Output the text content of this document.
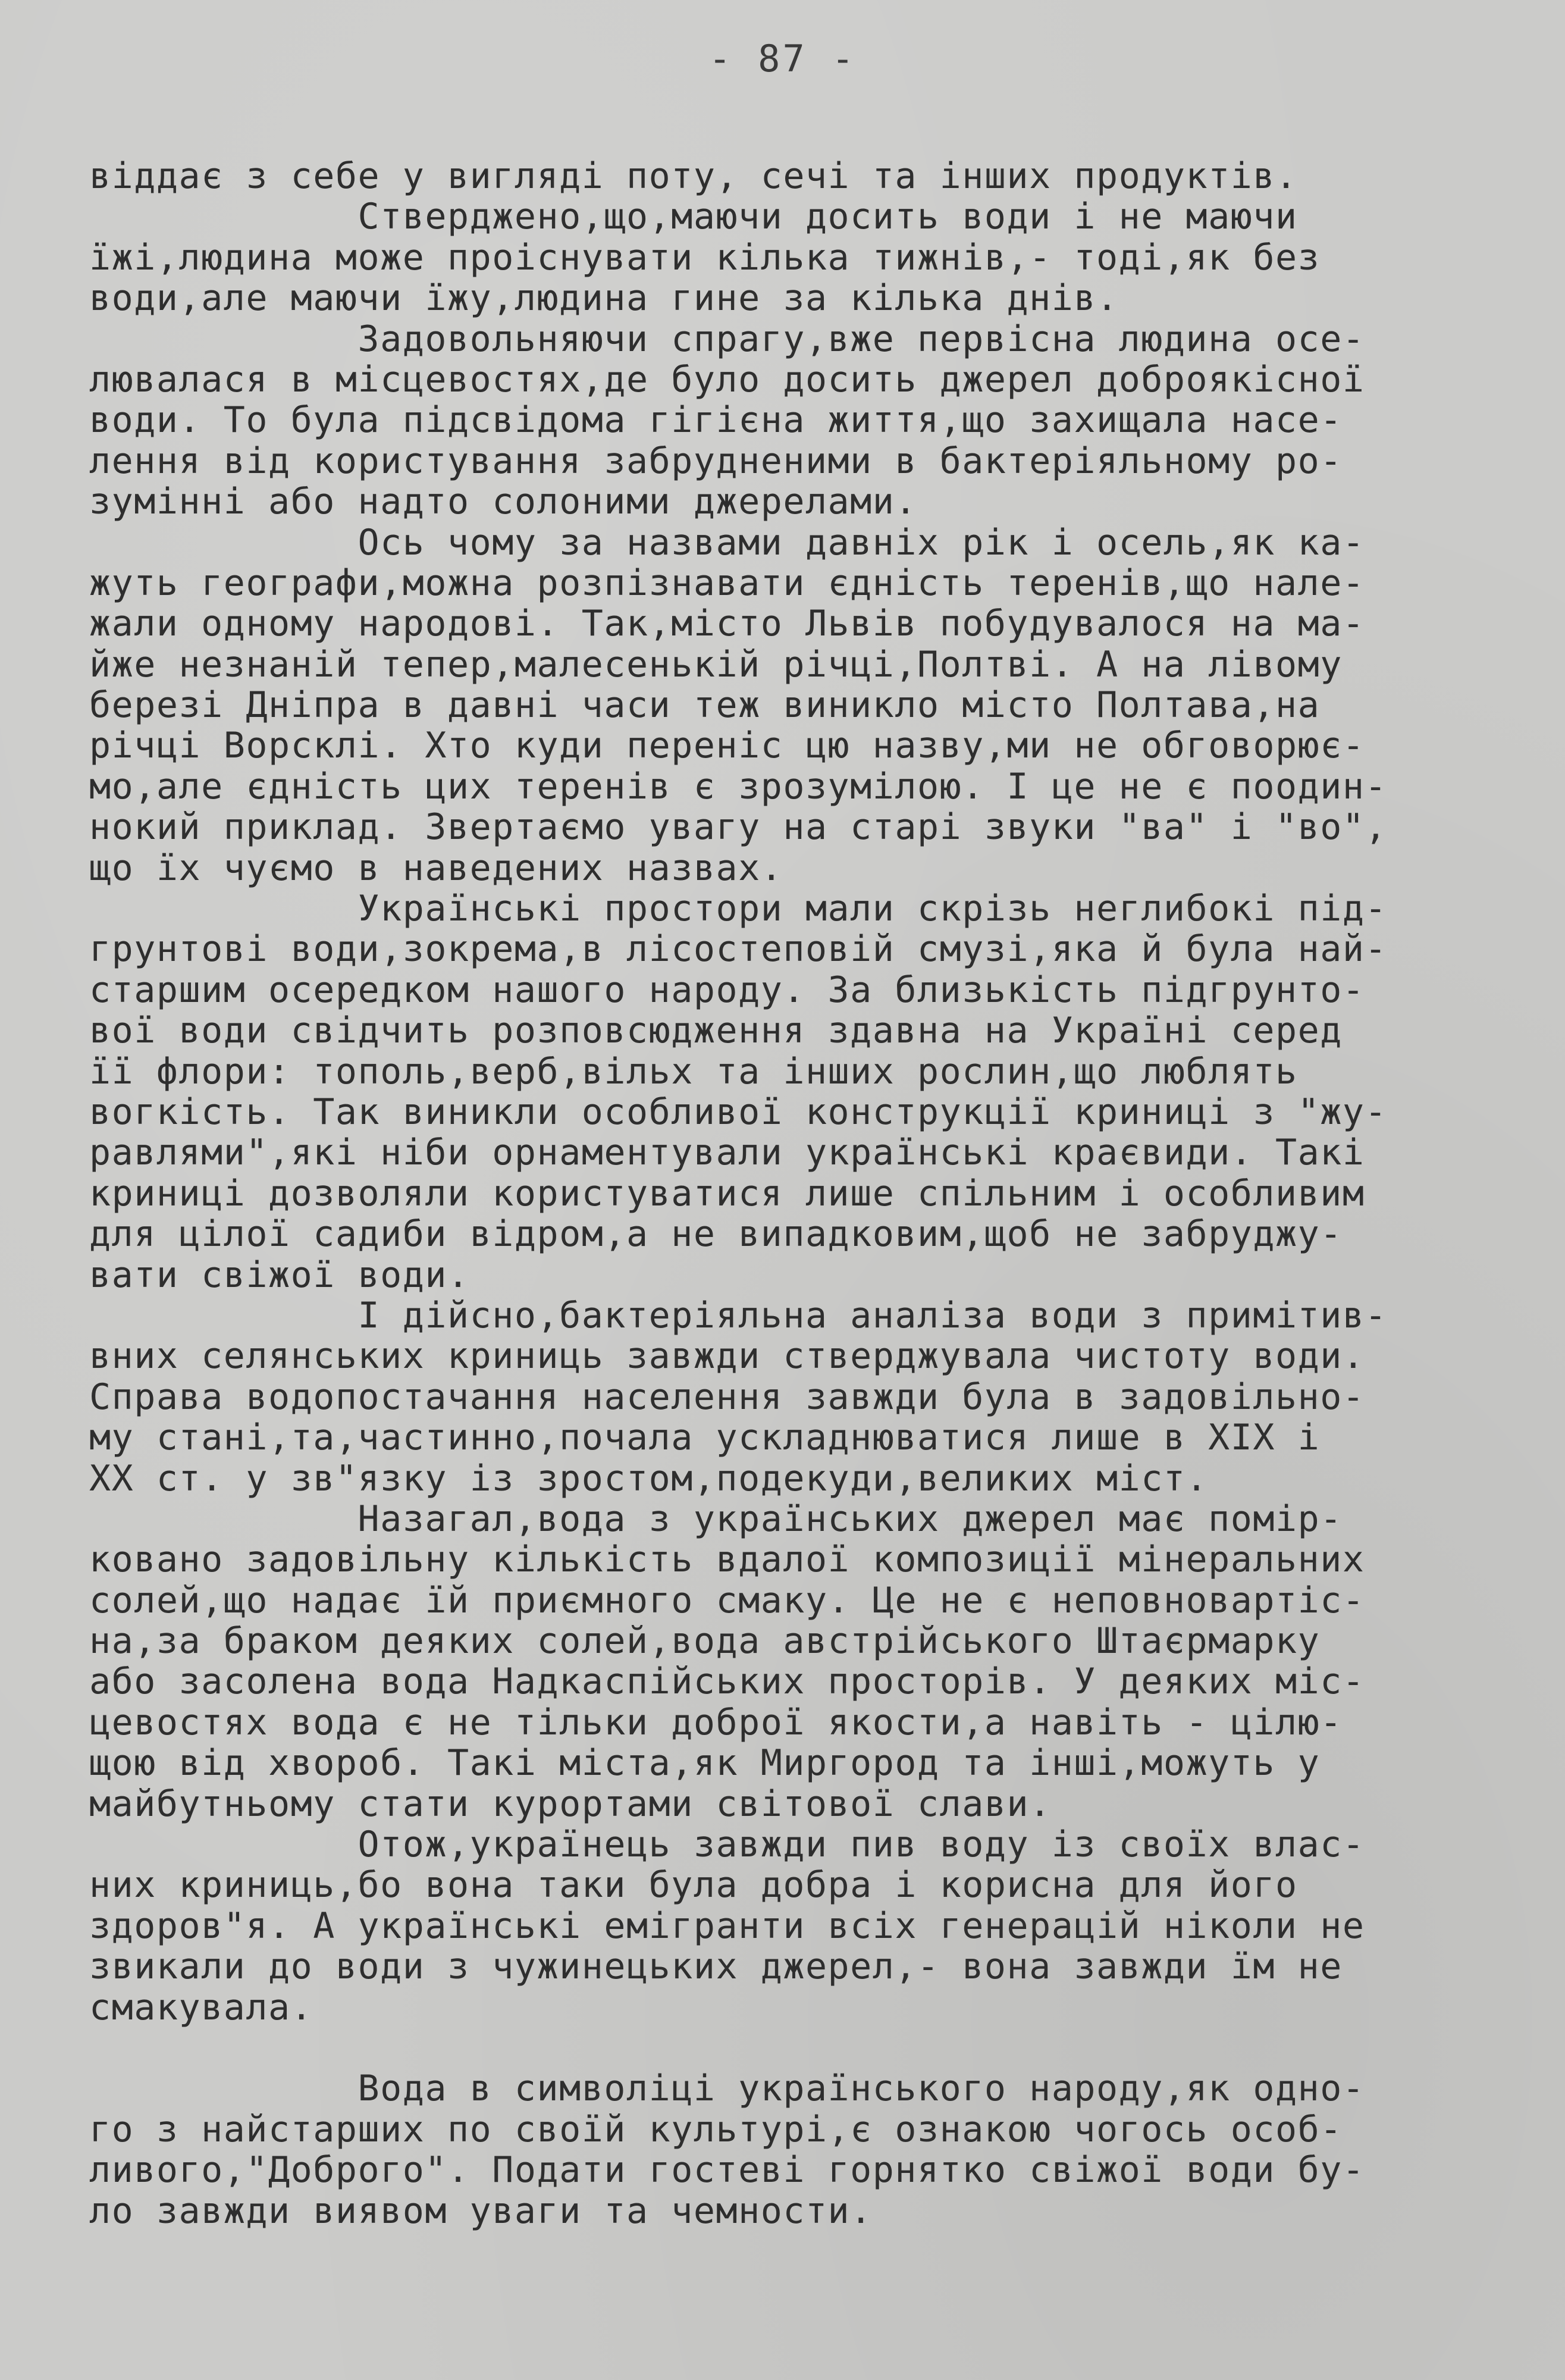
- 87 -
віддає з себе у вигляді поту, сечі та інших продуктів.
Стверджено,що,маючи досить води і не маючи
їжі,людина може проіснувати кілька тижнів,- тоді,як без
води,але маючи їжу,людина гине за кілька днів.
Задовольняючи спрагу,вже первісна людина осе-
лювалася в місцевостях,де було досить джерел доброякісної
води. То була підсвідома гігієна життя,що захищала насе-
лення від користування забрудненими в бактеріяльному ро-
зумінні або надто солоними джерелами.
Ось чому за назвами давніх рік і осель,як ка-
жуть географи,можна розпізнавати єдність теренів,що нале-
жали одному народові. Так,місто Львів побудувалося на ма-
йже незнаній тепер,малесенькій річці,Полтві. А на лівому
березі Дніпра в давні часи теж виникло місто Полтава,на
річці Ворсклі. Хто куди переніс цю назву,ми не обговорює-
мо,але єдність цих теренів є зрозумілою. І це не є поодин-
нокий приклад. Звертаємо увагу на старі звуки "ва" і "во",
що їх чуємо в наведених назвах.
Українські простори мали скрізь неглибокі під-
грунтові води,зокрема,в лісостеповій смузі,яка й була най-
старшим осередком нашого народу. За близькість підгрунто-
вої води свідчить розповсюдження здавна на Україні серед
її флори: тополь,верб,вільх та інших рослин,що люблять
вогкість. Так виникли особливої конструкції криниці з "жу-
равлями",які ніби орнаментували українські краєвиди. Такі
криниці дозволяли користуватися лише спільним і особливим
для цілої садиби відром,а не випадковим,щоб не забруджу-
вати свіжої води.
І дійсно,бактеріяльна аналіза води з примітив-
вних селянських криниць завжди стверджувала чистоту води.
Справа водопостачання населення завжди була в задовільно-
му стані,та,частинно,почала ускладнюватися лише в XIX і
XX ст. у зв"язку із зростом,подекуди,великих міст.
Назагал,вода з українських джерел має помір-
ковано задовільну кількість вдалої композиції мінеральних
солей,що надає їй приємного смаку. Це не є неповновартіс-
на,за браком деяких солей,вода австрійського Штаєрмарку
або засолена вода Надкаспійських просторів. У деяких міс-
цевостях вода є не тільки доброї якости,а навіть - цілю-
щою від хвороб. Такі міста,як Миргород та інші,можуть у
майбутньому стати курортами світової слави.
Отож,українець завжди пив воду із своїх влас-
них криниць,бо вона таки була добра і корисна для його
здоров"я. А українські емігранти всіх генерацій ніколи не
звикали до води з чужинецьких джерел,- вона завжди їм не
смакувала.
Вода в символіці українського народу,як одно-
го з найстарших по своїй культурі,є ознакою чогось особ-
ливого,"Доброго". Подати гостеві горнятко свіжої води бу-
ло завжди виявом уваги та чемности.
